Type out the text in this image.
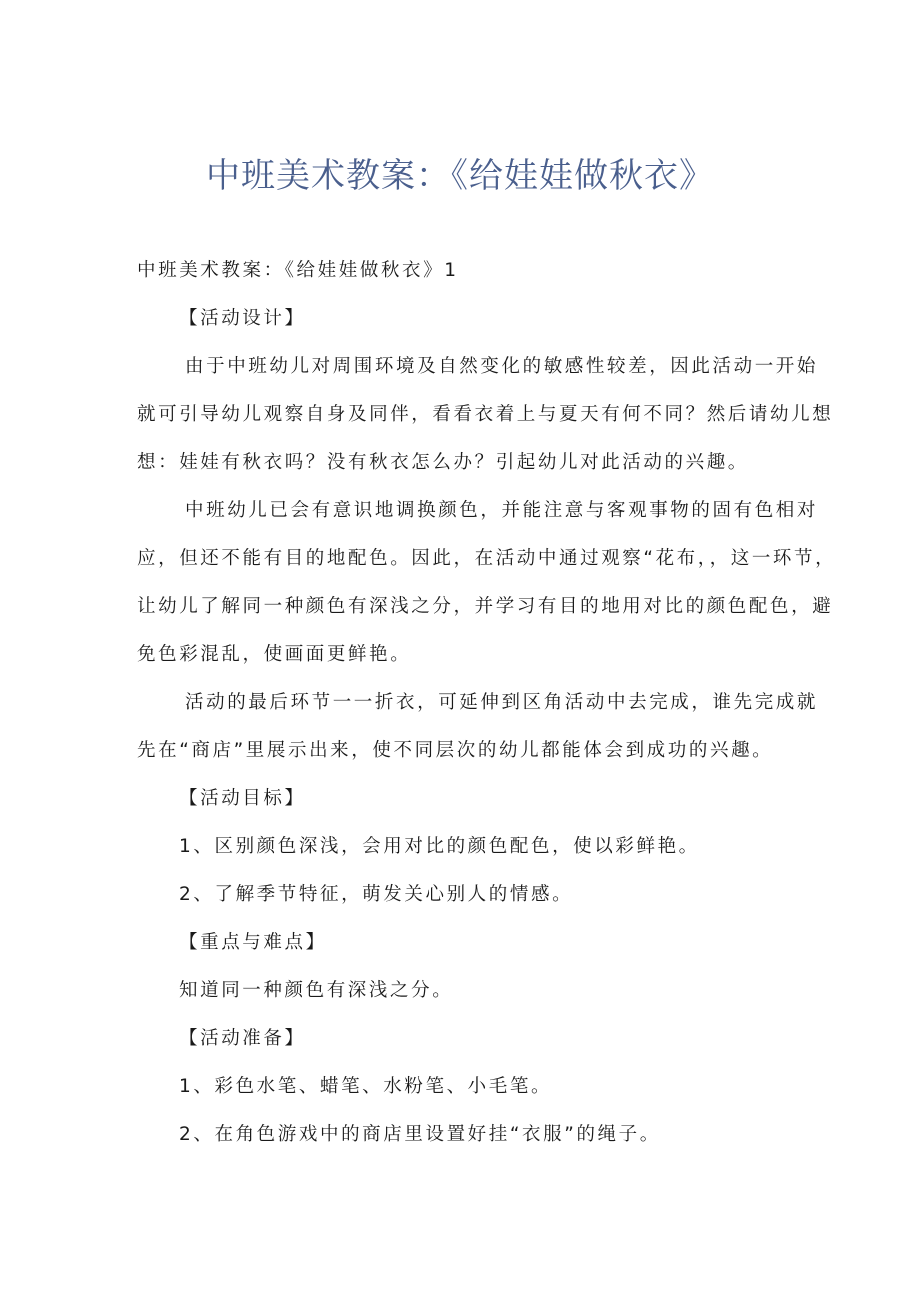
中班美术教案：《给娃娃做秋衣》
中班美术教案：《给娃娃做秋衣》1
【活动设计】
由于中班幼儿对周围环境及自然变化的敏感性较差，因此活动一开始
就可引导幼儿观察自身及同伴，看看衣着上与夏天有何不同？然后请幼儿想
想：娃娃有秋衣吗？没有秋衣怎么办？引起幼儿对此活动的兴趣。
中班幼儿已会有意识地调换颜色，并能注意与客观事物的固有色相对
应，但还不能有目的地配色。因此，在活动中通过观察“花布，，这一环节，
让幼儿了解同一种颜色有深浅之分，并学习有目的地用对比的颜色配色，避
免色彩混乱，使画面更鲜艳。
活动的最后环节一一折衣，可延伸到区角活动中去完成，谁先完成就
先在“商店”里展示出来，使不同层次的幼儿都能体会到成功的兴趣。
【活动目标】
1、区别颜色深浅，会用对比的颜色配色，使以彩鲜艳。
2、了解季节特征，萌发关心别人的情感。
【重点与难点】
知道同一种颜色有深浅之分。
【活动准备】
1、彩色水笔、蜡笔、水粉笔、小毛笔。
2、在角色游戏中的商店里设置好挂“衣服”的绳子。
